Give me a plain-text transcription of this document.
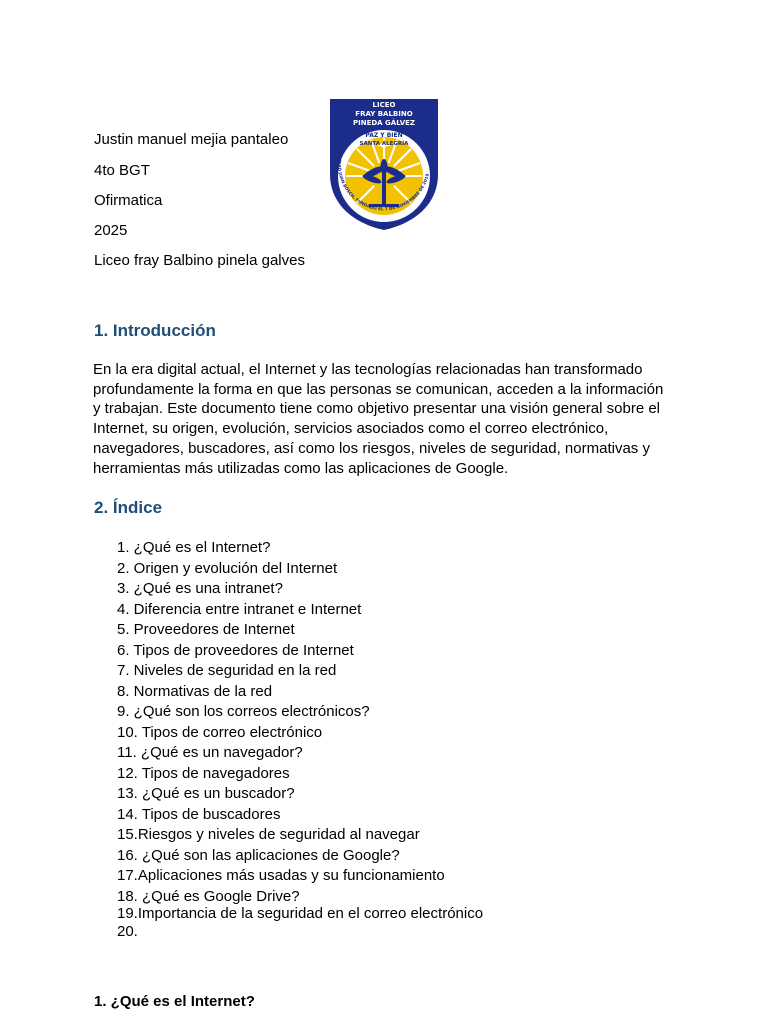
Justin manuel mejia pantaleo
4to BGT
Ofirmatica
2025
Liceo fray Balbino pinela galves
LICEO
FRAY BALBINO
PINEDA GÁLVEZ
PAZ Y BIEN
SANTA ALEGRÍA
CIUDAD JUAN BOSCH, FUNDADO EL 7 DE NOVIEMBRE DE 2019
1. Introducción
En la era digital actual, el Internet y las tecnologías relacionadas han transformado profundamente la forma en que las personas se comunican, acceden a la información y trabajan. Este documento tiene como objetivo presentar una visión general sobre el Internet, su origen, evolución, servicios asociados como el correo electrónico, navegadores, buscadores, así como los riesgos, niveles de seguridad, normativas y herramientas más utilizadas como las aplicaciones de Google.
2. Índice
1. ¿Qué es el Internet?
2. Origen y evolución del Internet
3. ¿Qué es una intranet?
4. Diferencia entre intranet e Internet
5. Proveedores de Internet
6. Tipos de proveedores de Internet
7. Niveles de seguridad en la red
8. Normativas de la red
9. ¿Qué son los correos electrónicos?
10. Tipos de correo electrónico
11. ¿Qué es un navegador?
12. Tipos de navegadores
13. ¿Qué es un buscador?
14. Tipos de buscadores
15.Riesgos y niveles de seguridad al navegar
16. ¿Qué son las aplicaciones de Google?
17.Aplicaciones más usadas y su funcionamiento
18. ¿Qué es Google Drive?
19.Importancia de la seguridad en el correo electrónico
20.
1. ¿Qué es el Internet?
